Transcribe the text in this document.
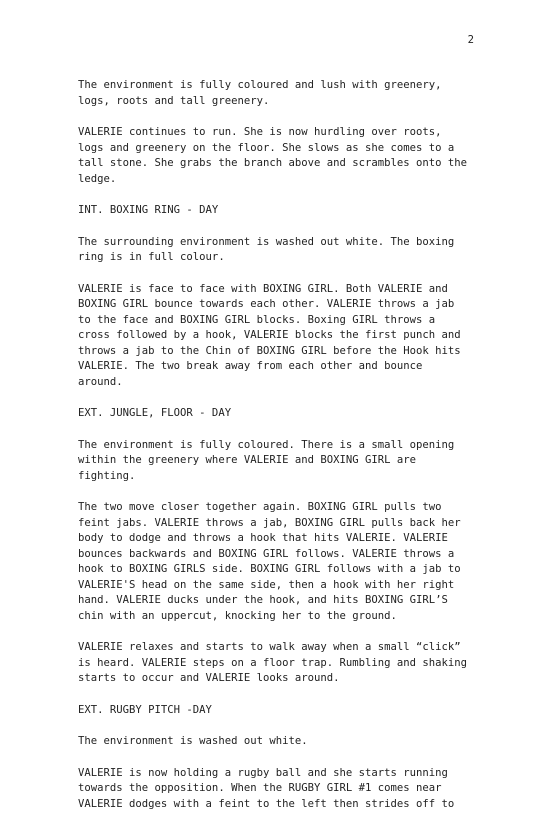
2

The environment is fully coloured and lush with greenery,
logs, roots and tall greenery.

VALERIE continues to run. She is now hurdling over roots,
logs and greenery on the floor. She slows as she comes to a
tall stone. She grabs the branch above and scrambles onto the
ledge.

INT. BOXING RING - DAY

The surrounding environment is washed out white. The boxing
ring is in full colour.

VALERIE is face to face with BOXING GIRL. Both VALERIE and
BOXING GIRL bounce towards each other. VALERIE throws a jab
to the face and BOXING GIRL blocks. Boxing GIRL throws a
cross followed by a hook, VALERIE blocks the first punch and
throws a jab to the Chin of BOXING GIRL before the Hook hits
VALERIE. The two break away from each other and bounce
around.

EXT. JUNGLE, FLOOR - DAY

The environment is fully coloured. There is a small opening
within the greenery where VALERIE and BOXING GIRL are
fighting.

The two move closer together again. BOXING GIRL pulls two
feint jabs. VALERIE throws a jab, BOXING GIRL pulls back her
body to dodge and throws a hook that hits VALERIE. VALERIE
bounces backwards and BOXING GIRL follows. VALERIE throws a
hook to BOXING GIRLS side. BOXING GIRL follows with a jab to
VALERIE'S head on the same side, then a hook with her right
hand. VALERIE ducks under the hook, and hits BOXING GIRL’S
chin with an uppercut, knocking her to the ground.

VALERIE relaxes and starts to walk away when a small “click”
is heard. VALERIE steps on a floor trap. Rumbling and shaking
starts to occur and VALERIE looks around.

EXT. RUGBY PITCH -DAY

The environment is washed out white.

VALERIE is now holding a rugby ball and she starts running
towards the opposition. When the RUGBY GIRL #1 comes near
VALERIE dodges with a feint to the left then strides off to
